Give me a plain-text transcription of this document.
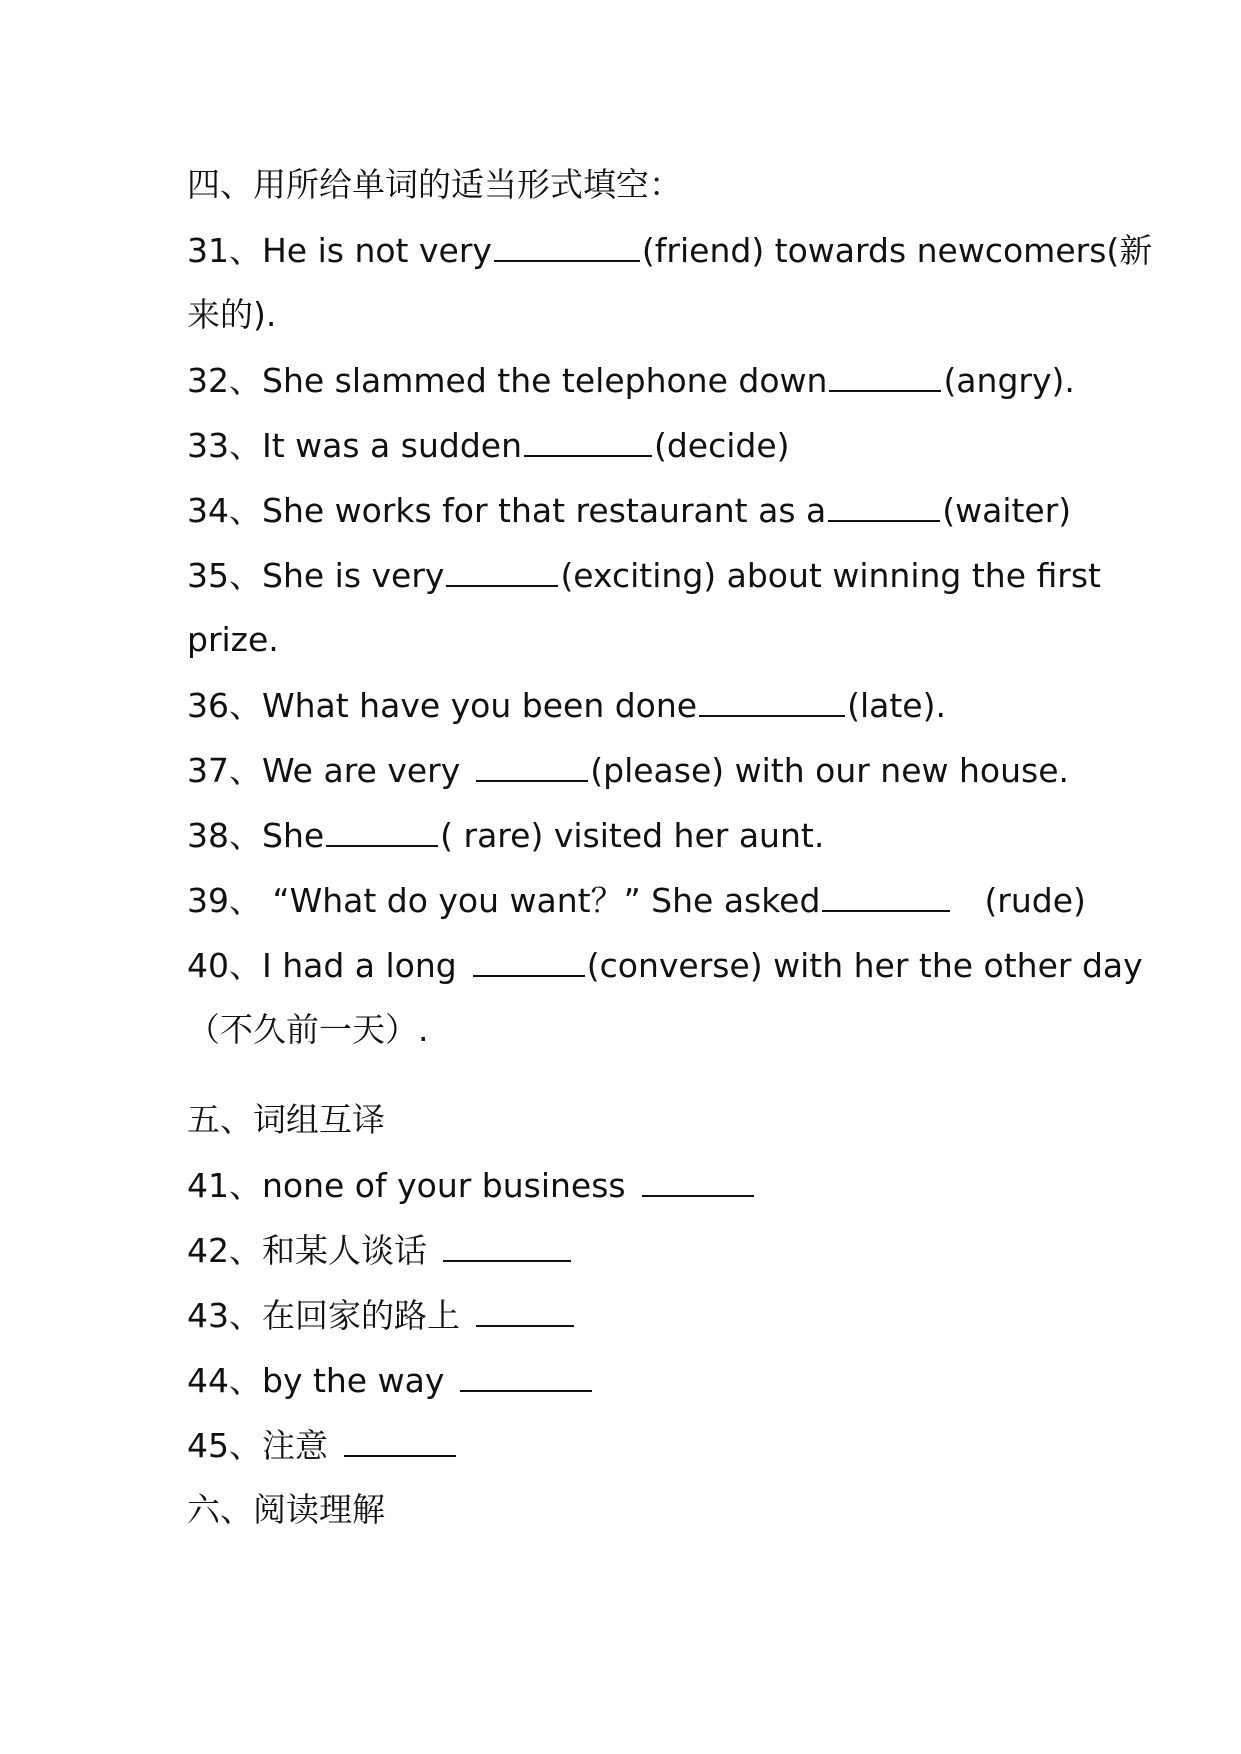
四、用所给单词的适当形式填空：
31、He is not very	(friend) towards newcomers(新
来的).
32、She slammed the telephone down	(angry).
33、It was a sudden	(decide)
34、She works for that restaurant as a	(waiter)
35、She is very	(exciting) about winning the first
prize.
36、What have you been done	(late).
37、We are very	(please) with our new house.
38、She	( rare) visited her aunt.
39、 “What do you want？” She asked	(rude)
40、I had a long	(converse) with her the other day
（不久前一天）.
五、词组互译
41、none of your business
42、和某人谈话
43、在回家的路上
44、by the way
45、注意
六、阅读理解
